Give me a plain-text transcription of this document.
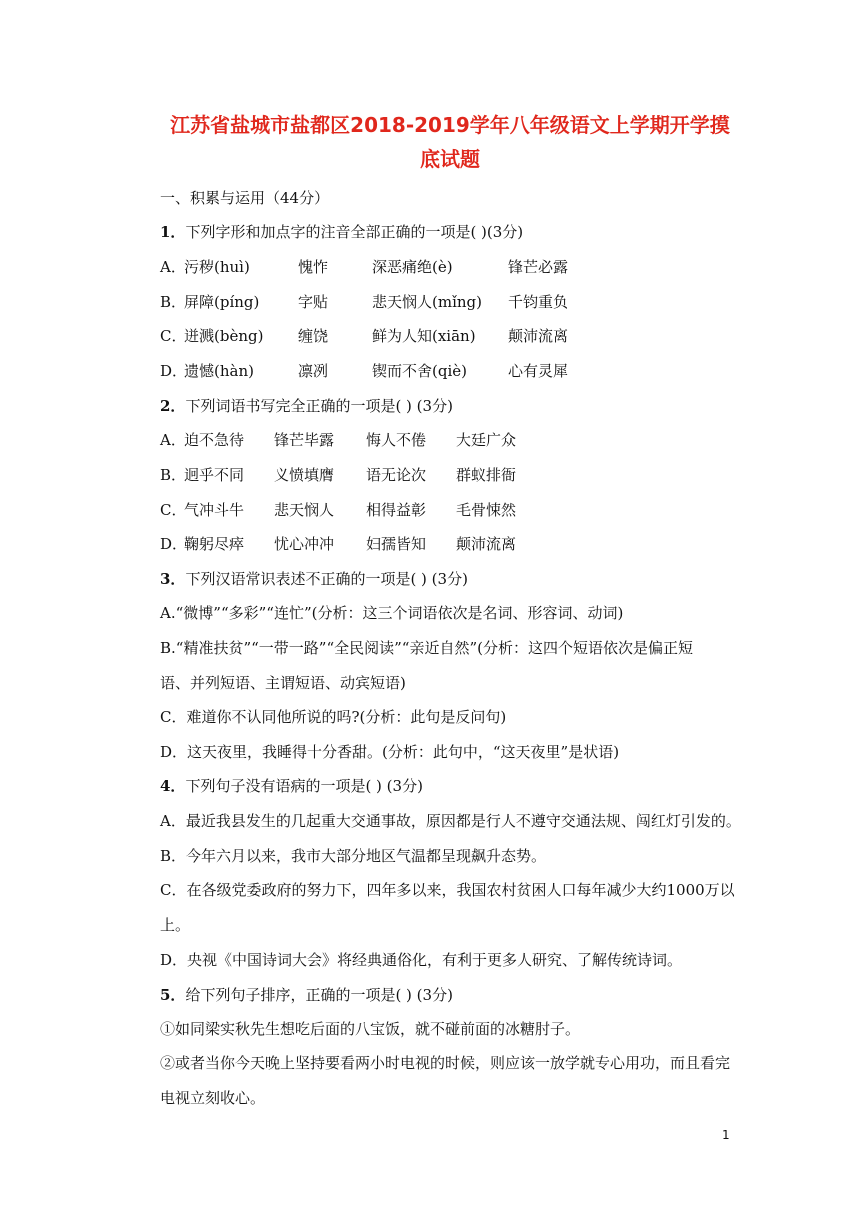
江苏省盐城市盐都区2018-2019学年八年级语文上学期开学摸
底试题
一、积累与运用（44分）
1．下列字形和加点字的注音全部正确的一项是( )(3分)
A．污秽(huì)	愧怍	深恶痛绝(è)	锋芒必露
B．屏障(píng)	字贴	悲天悯人(mǐng) 千钧重负
C．迸溅(bèng) 缠饶	鲜为人知(xiān) 颠沛流离
D．遗憾(hàn)	凛冽	锲而不舍(qiè)	心有灵犀
2．下列词语书写完全正确的一项是( ) (3分)
A．迫不急待 锋芒毕露 悔人不倦 大廷广众
B．迥乎不同 义愤填膺 语无论次 群蚁排衙
C．气冲斗牛 悲天悯人 相得益彰 毛骨悚然
D．鞠躬尽瘁 忧心冲冲 妇孺皆知 颠沛流离
3．下列汉语常识表述不正确的一项是( ) (3分)
A.“微博”“多彩”“连忙”(分析：这三个词语依次是名词、形容词、动词)
B.“精准扶贫”“一带一路”“全民阅读”“亲近自然”(分析：这四个短语依次是偏正短
语、并列短语、主谓短语、动宾短语)
C．难道你不认同他所说的吗?(分析：此句是反问句)
D．这天夜里，我睡得十分香甜。(分析：此句中，“这天夜里”是状语)
4．下列句子没有语病的一项是( ) (3分)
A．最近我县发生的几起重大交通事故，原因都是行人不遵守交通法规、闯红灯引发的。
B．今年六月以来，我市大部分地区气温都呈现飙升态势。
C．在各级党委政府的努力下，四年多以来，我国农村贫困人口每年减少大约1000万以
上。
D．央视《中国诗词大会》将经典通俗化，有利于更多人研究、了解传统诗词。
5．给下列句子排序，正确的一项是( ) (3分)
①如同梁实秋先生想吃后面的八宝饭，就不碰前面的冰糖肘子。
②或者当你今天晚上坚持要看两小时电视的时候，则应该一放学就专心用功，而且看完
电视立刻收心。
1
